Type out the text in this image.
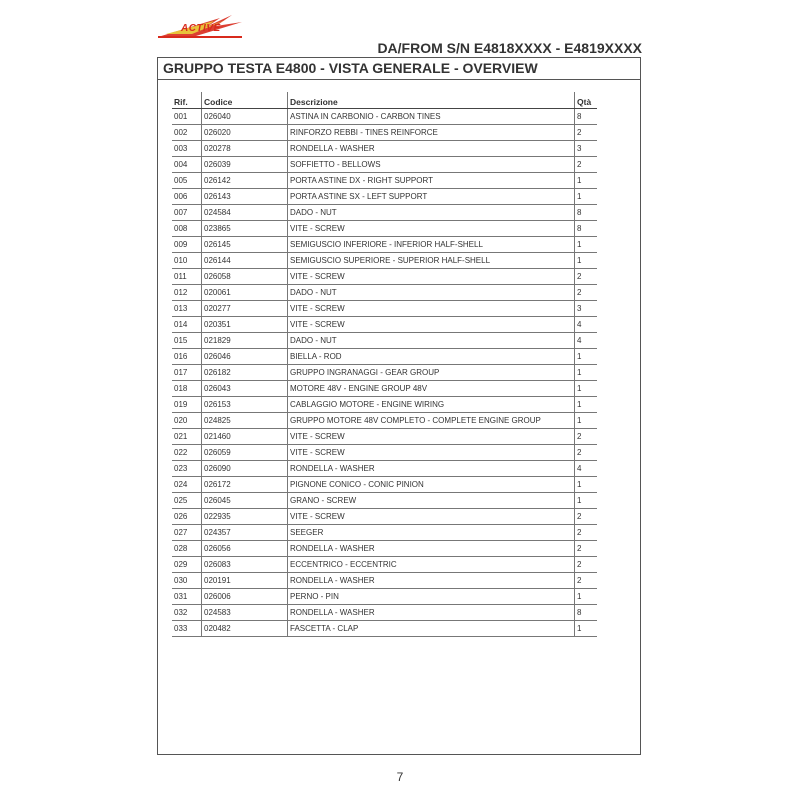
ACTIVE
DA/FROM S/N E4818XXXX - E4819XXXX
GRUPPO TESTA E4800 - VISTA GENERALE - OVERVIEW
Rif.	Codice	Descrizione	Qtà
001	026040	ASTINA IN CARBONIO - CARBON TINES	8
002	026020	RINFORZO REBBI - TINES REINFORCE	2
003	020278	RONDELLA - WASHER	3
004	026039	SOFFIETTO - BELLOWS	2
005	026142	PORTA ASTINE DX - RIGHT SUPPORT	1
006	026143	PORTA ASTINE SX - LEFT SUPPORT	1
007	024584	DADO - NUT	8
008	023865	VITE - SCREW	8
009	026145	SEMIGUSCIO INFERIORE - INFERIOR HALF-SHELL	1
010	026144	SEMIGUSCIO SUPERIORE - SUPERIOR HALF-SHELL	1
011	026058	VITE - SCREW	2
012	020061	DADO - NUT	2
013	020277	VITE - SCREW	3
014	020351	VITE - SCREW	4
015	021829	DADO - NUT	4
016	026046	BIELLA - ROD	1
017	026182	GRUPPO INGRANAGGI - GEAR GROUP	1
018	026043	MOTORE 48V - ENGINE GROUP 48V	1
019	026153	CABLAGGIO MOTORE - ENGINE WIRING	1
020	024825	GRUPPO MOTORE 48V COMPLETO - COMPLETE ENGINE GROUP	1
021	021460	VITE - SCREW	2
022	026059	VITE - SCREW	2
023	026090	RONDELLA - WASHER	4
024	026172	PIGNONE CONICO - CONIC PINION	1
025	026045	GRANO - SCREW	1
026	022935	VITE - SCREW	2
027	024357	SEEGER	2
028	026056	RONDELLA - WASHER	2
029	026083	ECCENTRICO - ECCENTRIC	2
030	020191	RONDELLA - WASHER	2
031	026006	PERNO - PIN	1
032	024583	RONDELLA - WASHER	8
033	020482	FASCETTA - CLAP	1
7
